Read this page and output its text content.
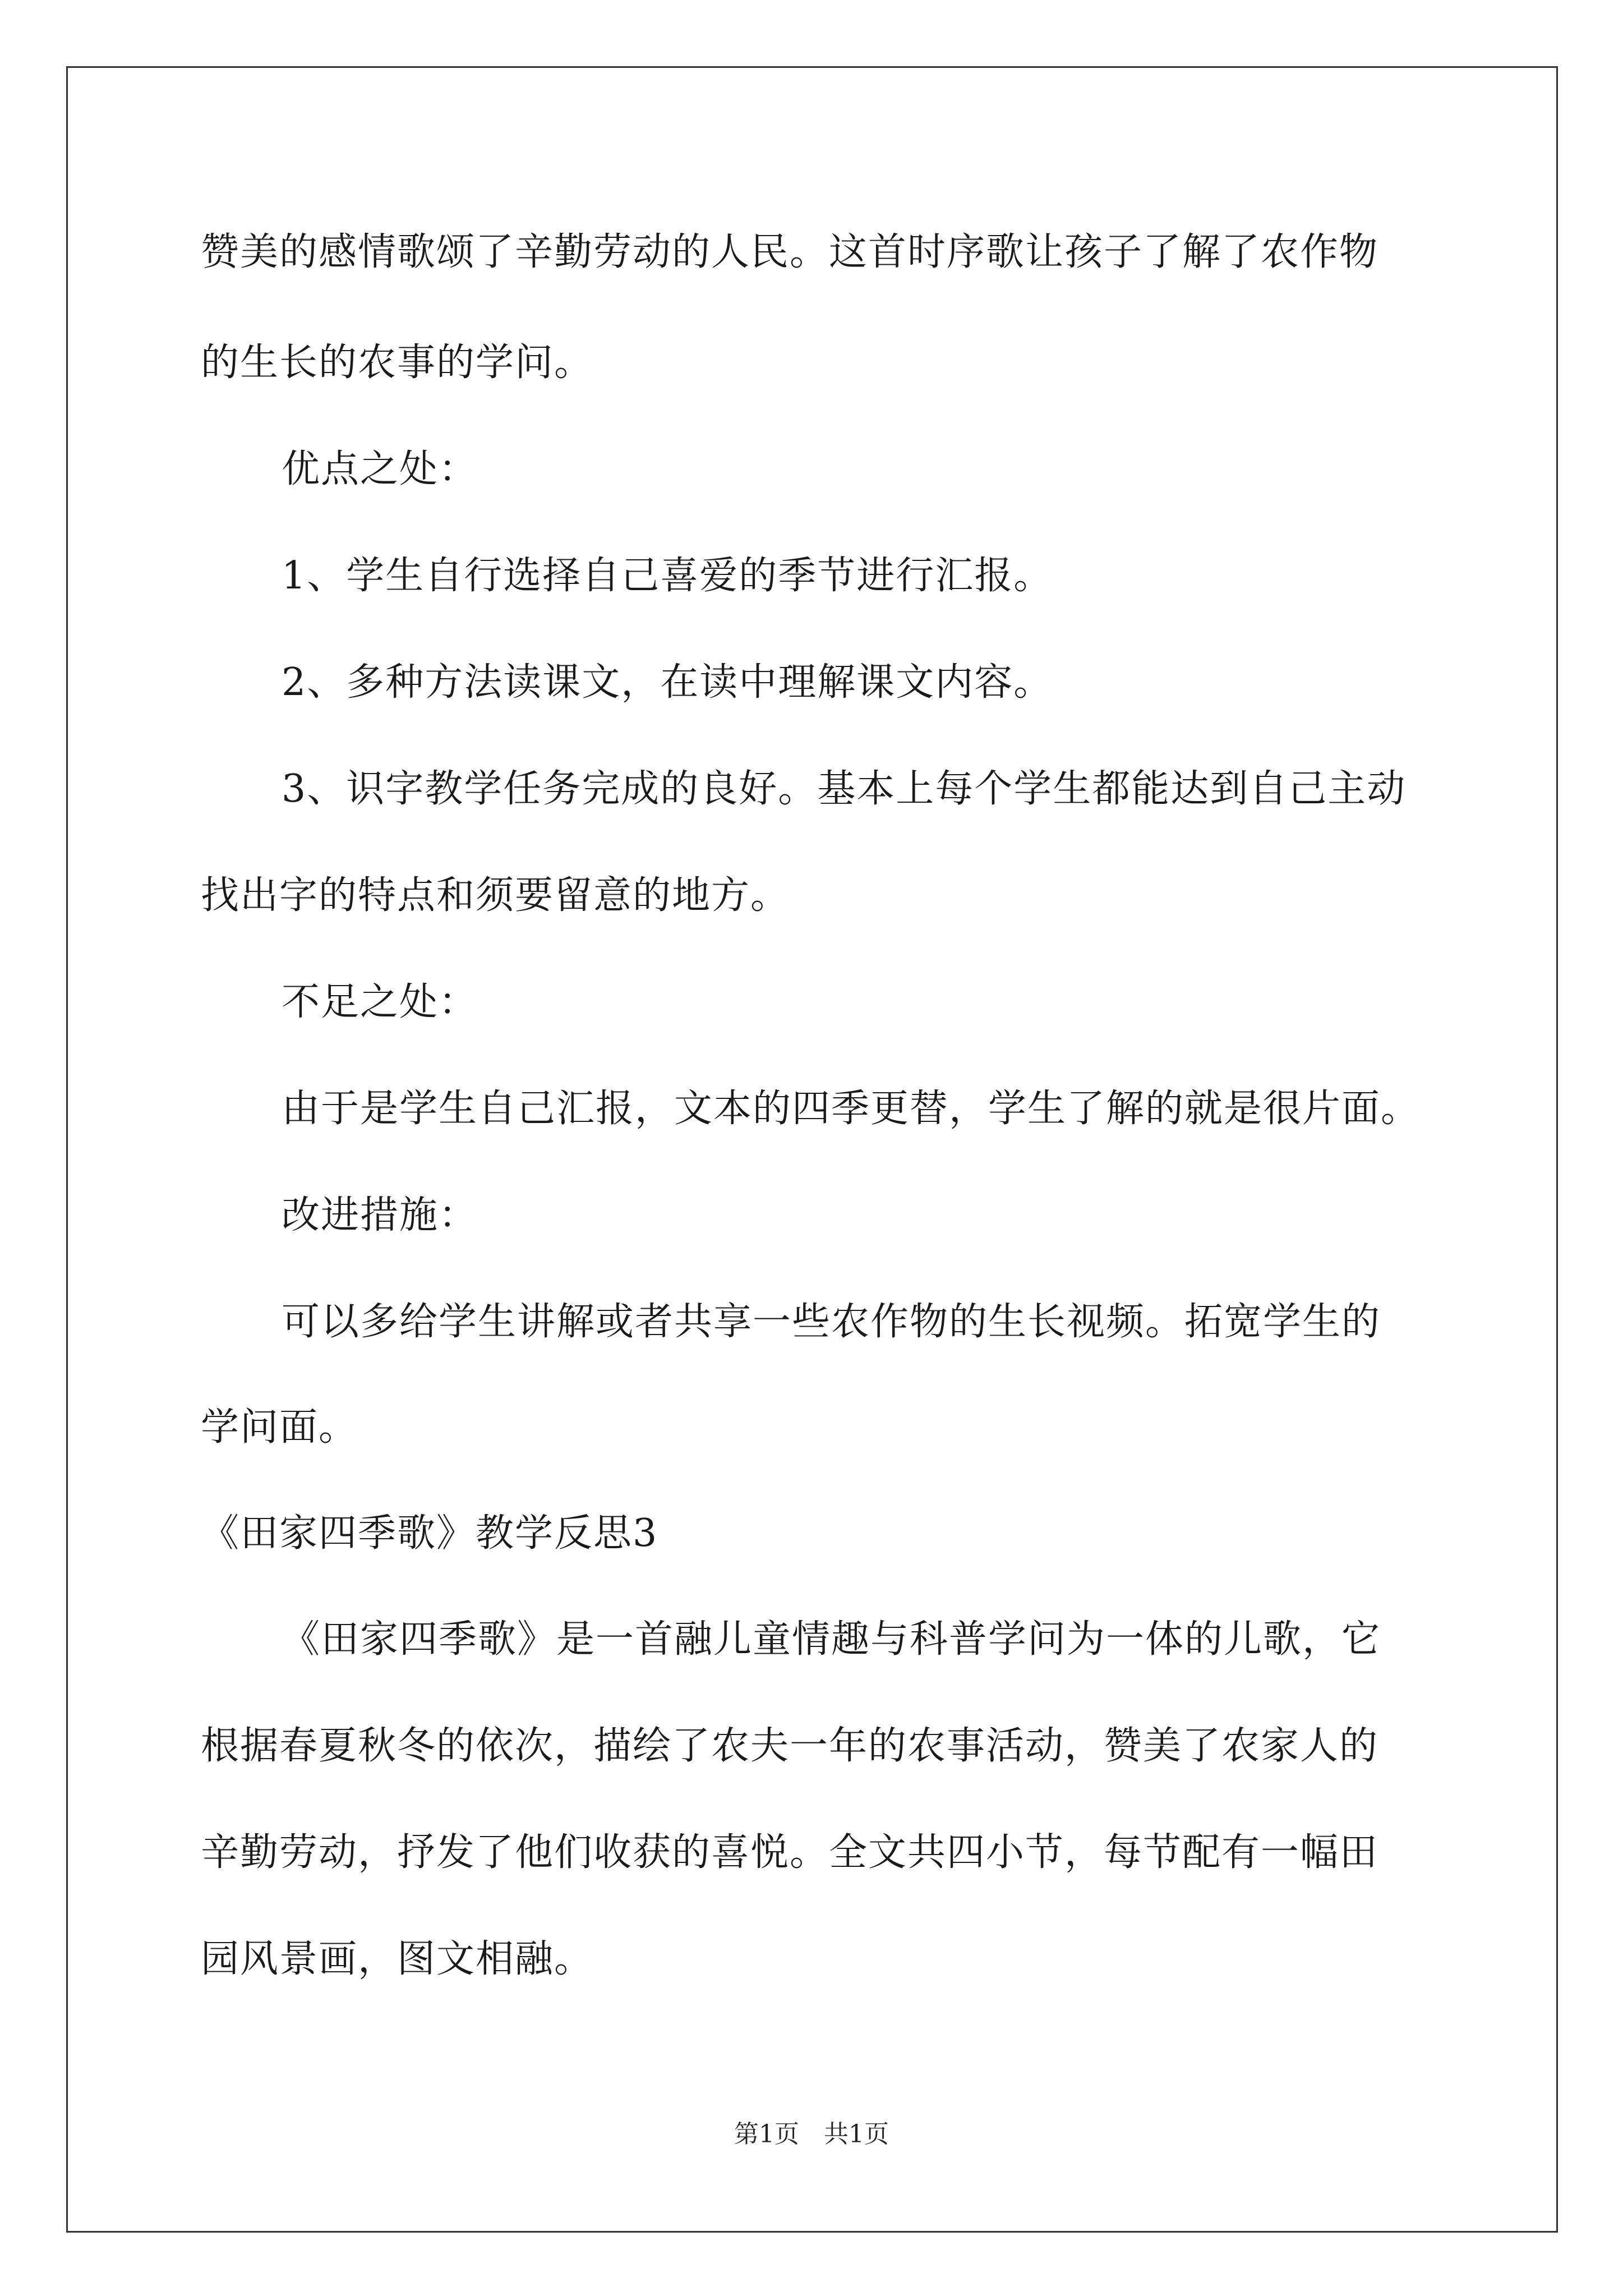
赞美的感情歌颂了辛勤劳动的人民。这首时序歌让孩子了解了农作物
的生长的农事的学问。
优点之处：
1、学生自行选择自己喜爱的季节进行汇报。
2、多种方法读课文，在读中理解课文内容。
3、识字教学任务完成的良好。基本上每个学生都能达到自己主动
找出字的特点和须要留意的地方。
不足之处：
由于是学生自己汇报，文本的四季更替，学生了解的就是很片面。
改进措施：
可以多给学生讲解或者共享一些农作物的生长视频。拓宽学生的
学问面。
《田家四季歌》教学反思3
《田家四季歌》是一首融儿童情趣与科普学问为一体的儿歌，它
根据春夏秋冬的依次，描绘了农夫一年的农事活动，赞美了农家人的
辛勤劳动，抒发了他们收获的喜悦。全文共四小节，每节配有一幅田
园风景画，图文相融。
第1页　共1页
